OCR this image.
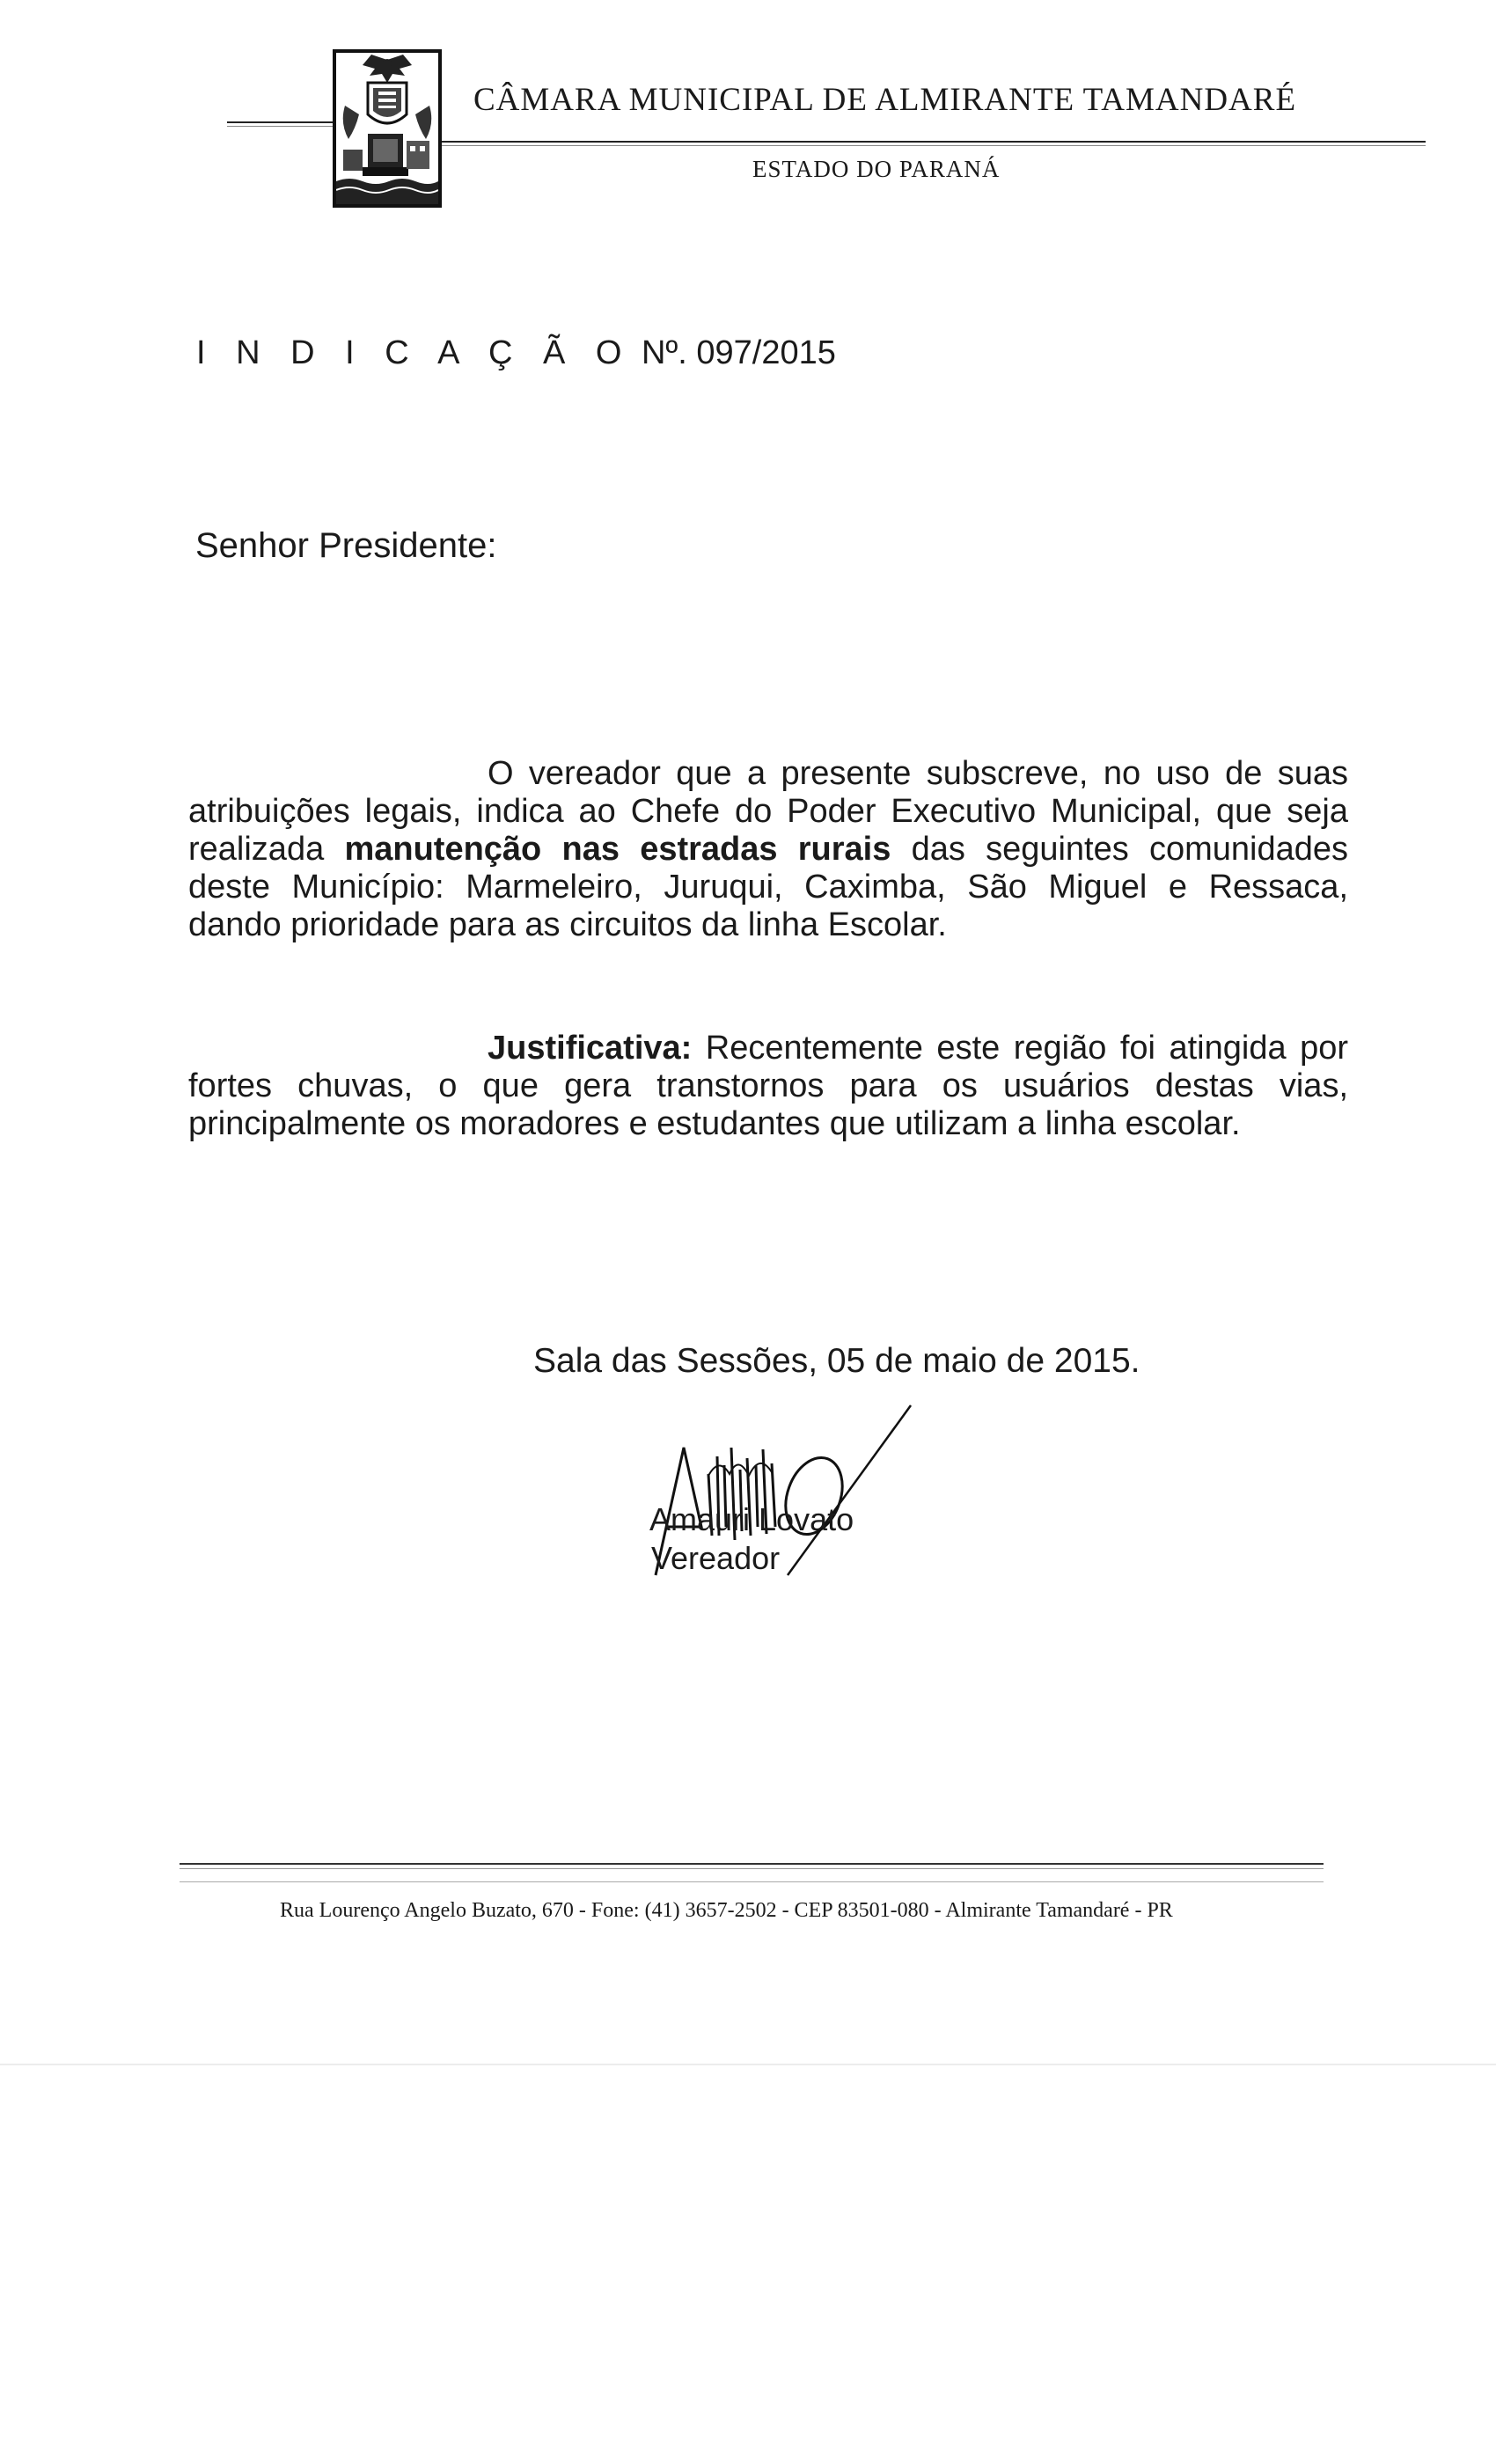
CÂMARA MUNICIPAL DE ALMIRANTE TAMANDARÉ
ESTADO DO PARANÁ
I N D I C A Ç Ã O Nº. 097/2015
Senhor Presidente:
O vereador que a presente subscreve, no uso de suas atribuições legais, indica ao Chefe do Poder Executivo Municipal, que seja realizada manutenção nas estradas rurais das seguintes comunidades deste Município: Marmeleiro, Juruqui, Caximba, São Miguel e Ressaca, dando prioridade para as circuitos da linha Escolar.
Justificativa: Recentemente este região foi atingida por fortes chuvas, o que gera transtornos para os usuários destas vias, principalmente os moradores e estudantes que utilizam a linha escolar.
Sala das Sessões, 05 de maio de 2015.
Amauri Lovato
Vereador
Rua Lourenço Angelo Buzato, 670 - Fone: (41) 3657-2502 - CEP 83501-080 - Almirante Tamandaré - PR
